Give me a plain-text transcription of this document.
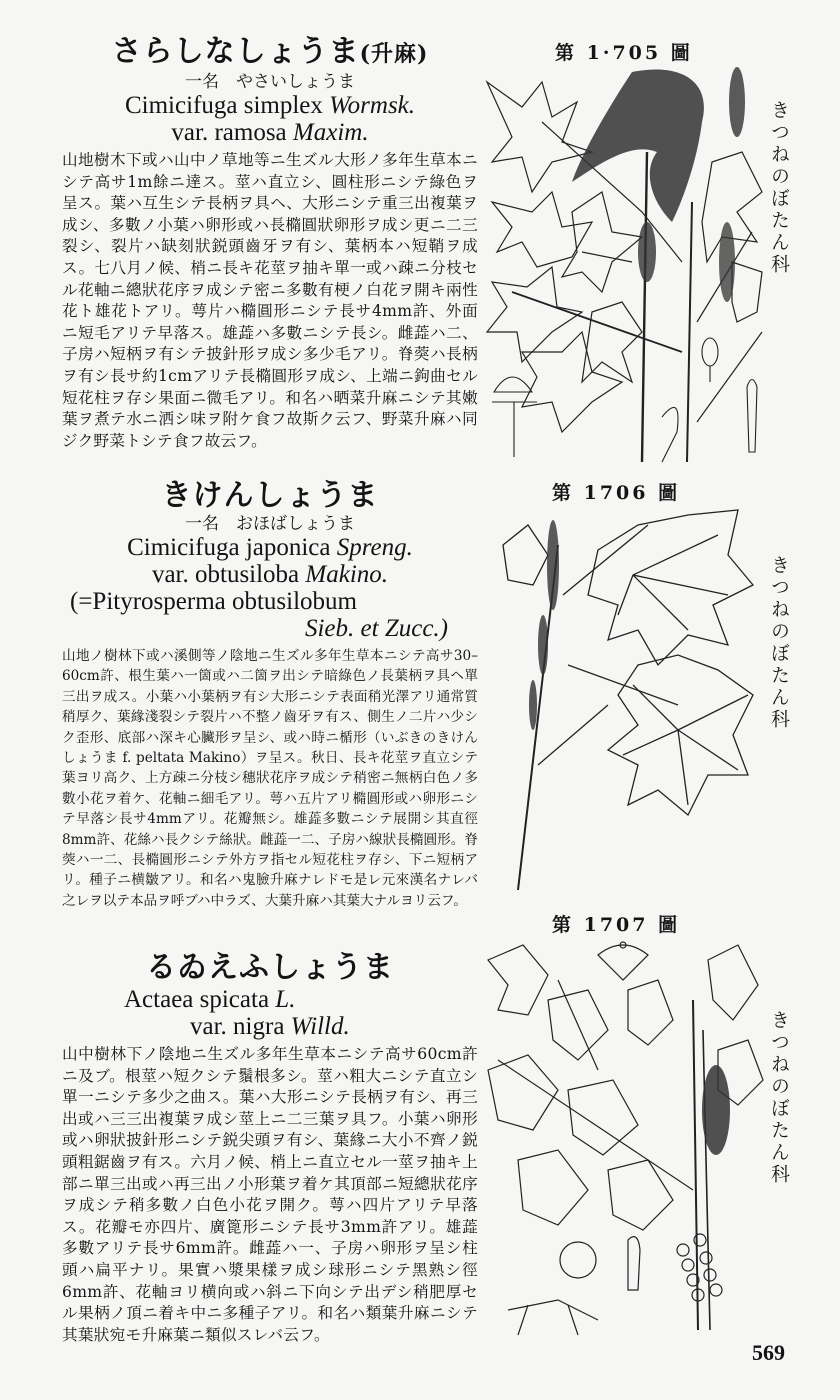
さらしなしょうま(升麻)
一名　やさいしょうま
Cimicifuga simplex Wormsk.
var. ramosa Maxim.
山地樹木下或ハ山中ノ草地等ニ生ズル大形ノ多年生草本ニシテ高サ1m餘ニ達ス。莖ハ直立シ、圓柱形ニシテ綠色ヲ呈ス。葉ハ互生シテ長柄ヲ具ヘ、大形ニシテ重三出複葉ヲ成シ、多數ノ小葉ハ卵形或ハ長橢圓狀卵形ヲ成シ更ニ二三裂シ、裂片ハ缺刻狀鋭頭齒牙ヲ有シ、葉柄本ハ短鞘ヲ成ス。七八月ノ候、梢ニ長キ花莖ヲ抽キ單一或ハ疎ニ分枝セル花軸ニ總狀花序ヲ成シテ密ニ多數有梗ノ白花ヲ開キ兩性花ト雄花トアリ。萼片ハ橢圓形ニシテ長サ4mm許、外面ニ短毛アリテ早落ス。雄蕋ハ多數ニシテ長シ。雌蕋ハ二、子房ハ短柄ヲ有シテ披針形ヲ成シ多少毛アリ。脊葖ハ長柄ヲ有シ長サ約1cmアリテ長橢圓形ヲ成シ、上端ニ鉤曲セル短花柱ヲ存シ果面ニ微毛アリ。和名ハ晒菜升麻ニシテ其嫩葉ヲ煮テ水ニ洒シ味ヲ附ケ食フ故斯ク云フ、野菜升麻ハ同ジク野菜トシテ食フ故云フ。
きけんしょうま
一名　おほばしょうま
Cimicifuga japonica Spreng.
var. obtusiloba Makino.
(=Pityrosperma obtusilobum
Sieb. et Zucc.)
山地ノ樹林下或ハ溪側等ノ陰地ニ生ズル多年生草本ニシテ高サ30–60cm許、根生葉ハ一箇或ハ二箇ヲ出シテ暗綠色ノ長葉柄ヲ具ヘ單三出ヲ成ス。小葉ハ小葉柄ヲ有シ大形ニシテ表面稍光澤アリ通常質稍厚ク、葉緣淺裂シテ裂片ハ不整ノ齒牙ヲ有ス、側生ノ二片ハ少シク歪形、底部ハ深キ心臟形ヲ呈シ、或ハ時ニ楯形（いぶきのきけんしょうま f. peltata Makino）ヲ呈ス。秋日、長キ花莖ヲ直立シテ葉ヨリ高ク、上方疎ニ分枝シ穗狀花序ヲ成シテ稍密ニ無柄白色ノ多數小花ヲ着ケ、花軸ニ細毛アリ。萼ハ五片アリ橢圓形或ハ卵形ニシテ早落シ長サ4mmアリ。花瓣無シ。雄蕋多數ニシテ展開シ其直徑8mm許、花絲ハ長クシテ絲狀。雌蕋一二、子房ハ線狀長橢圓形。脊葖ハ一二、長橢圓形ニシテ外方ヲ指セル短花柱ヲ存シ、下ニ短柄アリ。種子ニ横皺アリ。和名ハ鬼臉升麻ナレドモ是レ元來漢名ナレバ之レヲ以テ本品ヲ呼ブハ中ラズ、大葉升麻ハ其葉大ナルヨリ云フ。
るゐえふしょうま
Actaea spicata L.
var. nigra Willd.
山中樹林下ノ陰地ニ生ズル多年生草本ニシテ高サ60cm許ニ及ブ。根莖ハ短クシテ鬚根多シ。莖ハ粗大ニシテ直立シ單一ニシテ多少之曲ス。葉ハ大形ニシテ長柄ヲ有シ、再三出或ハ三三出複葉ヲ成シ莖上ニ二三葉ヲ具フ。小葉ハ卵形或ハ卵狀披針形ニシテ鋭尖頭ヲ有シ、葉緣ニ大小不齊ノ鋭頭粗鋸齒ヲ有ス。六月ノ候、梢上ニ直立セル一莖ヲ抽キ上部ニ單三出或ハ再三出ノ小形葉ヲ着ケ其頂部ニ短總狀花序ヲ成シテ稍多數ノ白色小花ヲ開ク。萼ハ四片アリテ早落ス。花瓣モ亦四片、廣篦形ニシテ長サ3mm許アリ。雄蕋多數アリテ長サ6mm許。雌蕋ハ一、子房ハ卵形ヲ呈シ柱頭ハ扁平ナリ。果實ハ漿果樣ヲ成シ球形ニシテ黑熟シ徑6mm許、花軸ヨリ横向或ハ斜ニ下向シテ出デシ稍肥厚セル果柄ノ頂ニ着キ中ニ多種子アリ。和名ハ類葉升麻ニシテ其葉狀宛モ升麻葉ニ類似スレバ云フ。
第 1·705 圖
第 1706 圖
第 1707 圖
きつねのぼたん科
きつねのぼたん科
きつねのぼたん科
569
